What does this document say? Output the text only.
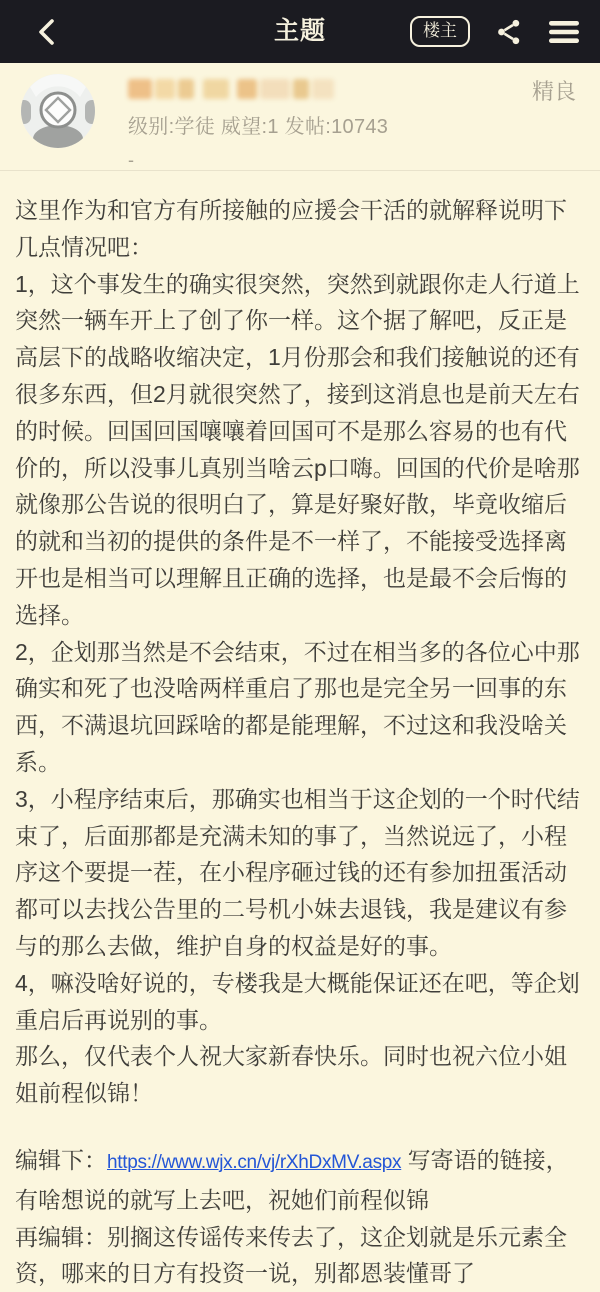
主题	楼主
级别:学徒 威望:1 发帖:10743
-
精良

这里作为和官方有所接触的应援会干活的就解释说明下几点情况吧：

1，这个事发生的确实很突然，突然到就跟你走人行道上突然一辆车开上了创了你一样。这个据了解吧，反正是高层下的战略收缩决定，1月份那会和我们接触说的还有很多东西，但2月就很突然了，接到这消息也是前天左右的时候。回国回国嚷嚷着回国可不是那么容易的也有代价的，所以没事儿真别当啥云p口嗨。回国的代价是啥那就像那公告说的很明白了，算是好聚好散，毕竟收缩后的就和当初的提供的条件是不一样了，不能接受选择离开也是相当可以理解且正确的选择，也是最不会后悔的选择。

2，企划那当然是不会结束，不过在相当多的各位心中那确实和死了也没啥两样重启了那也是完全另一回事的东西，不满退坑回踩啥的都是能理解，不过这和我没啥关系。

3，小程序结束后，那确实也相当于这企划的一个时代结束了，后面那都是充满未知的事了，当然说远了，小程序这个要提一茬，在小程序砸过钱的还有参加扭蛋活动都可以去找公告里的二号机小妹去退钱，我是建议有参与的那么去做，维护自身的权益是好的事。

4，嘛没啥好说的，专楼我是大概能保证还在吧，等企划重启后再说别的事。

那么，仅代表个人祝大家新春快乐。同时也祝六位小姐姐前程似锦！

编辑下：https://www.wjx.cn/vj/rXhDxMV.aspx 写寄语的链接，有啥想说的就写上去吧，祝她们前程似锦

再编辑：别搁这传谣传来传去了，这企划就是乐元素全资，哪来的日方有投资一说，别都恩装懂哥了
